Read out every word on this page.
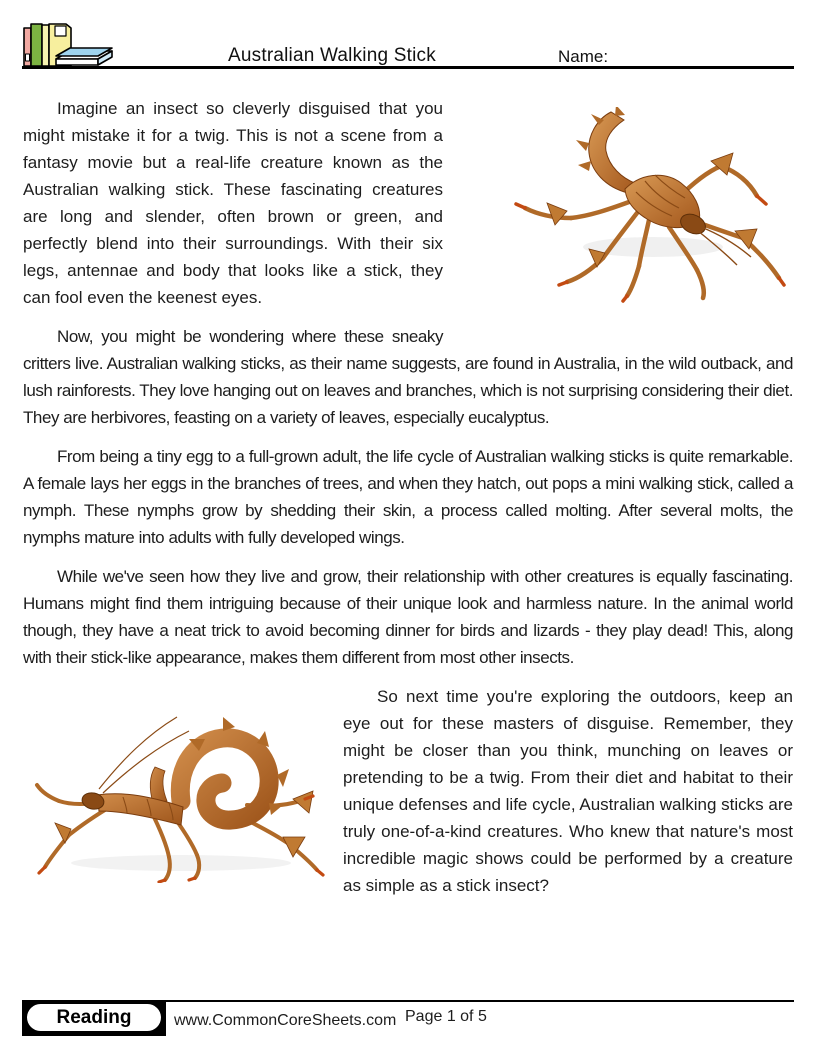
Australian Walking Stick	Name:

Imagine an insect so cleverly disguised that you might mistake it for a twig. This is not a scene from a fantasy movie but a real-life creature known as the Australian walking stick. These fascinating creatures are long and slender, often brown or green, and perfectly blend into their surroundings. With their six legs, antennae and body that looks like a stick, they can fool even the keenest eyes.

Now, you might be wondering where these sneaky critters live. Australian walking sticks, as their name suggests, are found in Australia, in the wild outback, and lush rainforests. They love hanging out on leaves and branches, which is not surprising considering their diet. They are herbivores, feasting on a variety of leaves, especially eucalyptus.

From being a tiny egg to a full-grown adult, the life cycle of Australian walking sticks is quite remarkable. A female lays her eggs in the branches of trees, and when they hatch, out pops a mini walking stick, called a nymph. These nymphs grow by shedding their skin, a process called molting. After several molts, the nymphs mature into adults with fully developed wings.

While we've seen how they live and grow, their relationship with other creatures is equally fascinating. Humans might find them intriguing because of their unique look and harmless nature. In the animal world though, they have a neat trick to avoid becoming dinner for birds and lizards - they play dead! This, along with their stick-like appearance, makes them different from most other insects.

So next time you're exploring the outdoors, keep an eye out for these masters of disguise. Remember, they might be closer than you think, munching on leaves or pretending to be a twig. From their diet and habitat to their unique defenses and life cycle, Australian walking sticks are truly one-of-a-kind creatures. Who knew that nature's most incredible magic shows could be performed by a creature as simple as a stick insect?

Reading	www.CommonCoreSheets.com Page 1 of 5
